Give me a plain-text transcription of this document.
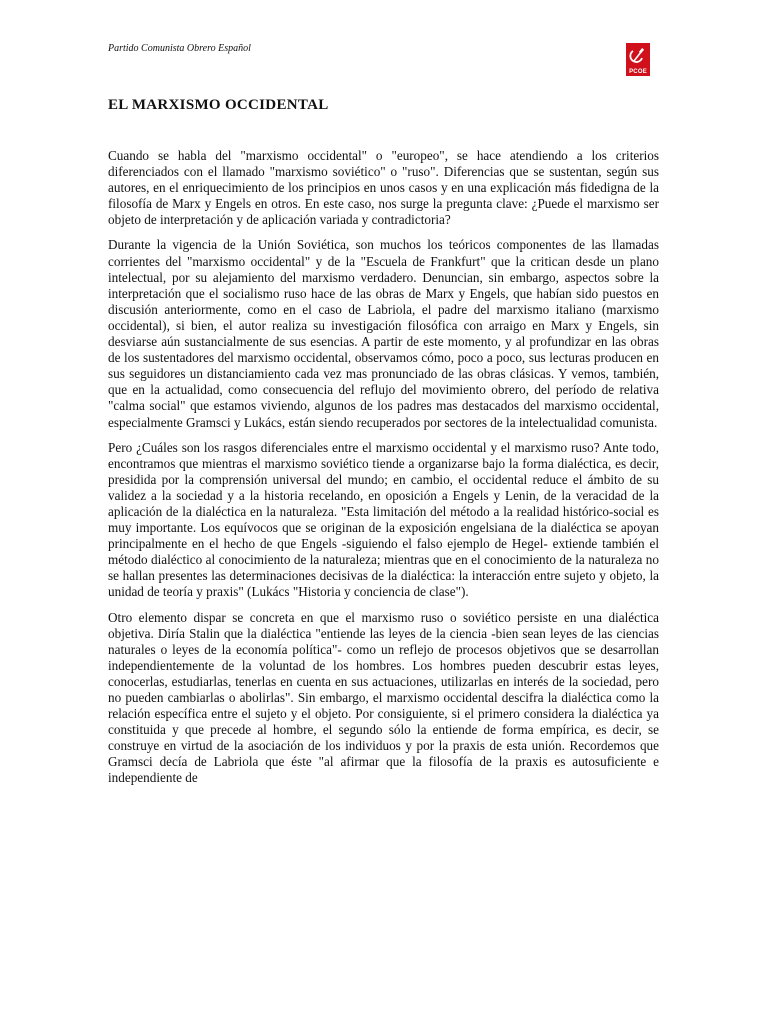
Partido Comunista Obrero Español
PCOE
EL MARXISMO OCCIDENTAL

Cuando se habla del "marxismo occidental" o "europeo", se hace atendiendo a los criterios diferenciados con el llamado "marxismo soviético" o "ruso". Diferencias que se sustentan, según sus autores, en el enriquecimiento de los principios en unos casos y en una explicación más fidedigna de la filosofía de Marx y Engels en otros. En este caso, nos surge la pregunta clave: ¿Puede el marxismo ser objeto de interpretación y de aplicación variada y contradictoria?

Durante la vigencia de la Unión Soviética, son muchos los teóricos componentes de las llamadas corrientes del "marxismo occidental" y de la "Escuela de Frankfurt" que la critican desde un plano intelectual, por su alejamiento del marxismo verdadero. Denuncian, sin embargo, aspectos sobre la interpretación que el socialismo ruso hace de las obras de Marx y Engels, que habían sido puestos en discusión anteriormente, como en el caso de Labriola, el padre del marxismo italiano (marxismo occidental), si bien, el autor realiza su investigación filosófica con arraigo en Marx y Engels, sin desviarse aún sustancialmente de sus esencias. A partir de este momento, y al profundizar en las obras de los sustentadores del marxismo occidental, observamos cómo, poco a poco, sus lecturas producen en sus seguidores un distanciamiento cada vez mas pronunciado de las obras clásicas. Y vemos, también, que en la actualidad, como consecuencia del reflujo del movimiento obrero, del período de relativa "calma social" que estamos viviendo, algunos de los padres mas destacados del marxismo occidental, especialmente Gramsci y Lukács, están siendo recuperados por sectores de la intelectualidad comunista.

Pero ¿Cuáles son los rasgos diferenciales entre el marxismo occidental y el marxismo ruso? Ante todo, encontramos que mientras el marxismo soviético tiende a organizarse bajo la forma dialéctica, es decir, presidida por la comprensión universal del mundo; en cambio, el occidental reduce el ámbito de su validez a la sociedad y a la historia recelando, en oposición a Engels y Lenin, de la veracidad de la aplicación de la dialéctica en la naturaleza. "Esta limitación del método a la realidad histórico-social es muy importante. Los equívocos que se originan de la exposición engelsiana de la dialéctica se apoyan principalmente en el hecho de que Engels -siguiendo el falso ejemplo de Hegel- extiende también el método dialéctico al conocimiento de la naturaleza; mientras que en el conocimiento de la naturaleza no se hallan presentes las determinaciones decisivas de la dialéctica: la interacción entre sujeto y objeto, la unidad de teoría y praxis" (Lukács "Historia y conciencia de clase").

Otro elemento dispar se concreta en que el marxismo ruso o soviético persiste en una dialéctica objetiva. Diría Stalin que la dialéctica "entiende las leyes de la ciencia -bien sean leyes de las ciencias naturales o leyes de la economía política"- como un reflejo de procesos objetivos que se desarrollan independientemente de la voluntad de los hombres. Los hombres pueden descubrir estas leyes, conocerlas, estudiarlas, tenerlas en cuenta en sus actuaciones, utilizarlas en interés de la sociedad, pero no pueden cambiarlas o abolirlas". Sin embargo, el marxismo occidental descifra la dialéctica como la relación específica entre el sujeto y el objeto. Por consiguiente, si el primero considera la dialéctica ya constituida y que precede al hombre, el segundo sólo la entiende de forma empírica, es decir, se construye en virtud de la asociación de los individuos y por la praxis de esta unión. Recordemos que Gramsci decía de Labriola que éste "al afirmar que la filosofía de la praxis es autosuficiente e independiente de
